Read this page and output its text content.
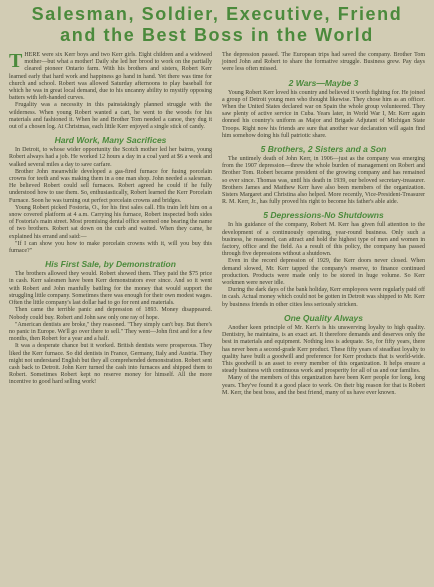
Salesman, Soldier, Executive, Friend
and the Best Boss in the World

THERE were six Kerr boys and two Kerr girls. Eight children and a widowed mother—but what a mother! Daily she led her brood to work on the partially cleared pioneer Ontario farm. With his brothers and sisters, Robert Kerr learned early that hard work and happiness go hand in hand. Yet there was time for church and school. Robert was allowed Saturday afternoons to play baseball for which he was in great local demand, due to his uncanny ability to mystify opposing batters with left-handed curves.

Frugality was a necessity in this painstakingly planned struggle with the wilderness. When young Robert wanted a cart, he went to the woods for his materials and fashioned it. When he and Brother Tom needed a canoe, they dug it out of a chosen log. At Christmas, each little Kerr enjoyed a single stick of candy.

Hard Work, Many Sacrifices

In Detroit, to whose wider opportunity the Scotch mother led her bairns, young Robert always had a job. He worked 12 hours a day in a coal yard at $6 a week and walked several miles a day to save carfare.

Brother John meanwhile developed a gas-fired furnace for fusing porcelain crowns for teeth and was making them in a one man shop. John needed a salesman. He believed Robert could sell furnaces. Robert agreed he could if he fully understood how to use them. So, enthusiastically, Robert learned the Kerr Porcelain Furnace. Soon he was turning out perfect porcelain crowns and bridges.

Young Robert picked Fostoria, O., for his first sales call. His train left him on a snow covered platform at 4 a.m. Carrying his furnace, Robert inspected both sides of Fostoria's main street. Most promising dental office seemed one bearing the name of two brothers. Robert sat down on the curb and waited. When they came, he explained his errand and said:—

"If I can show you how to make porcelain crowns with it, will you buy this furnace?"

His First Sale, by Demonstration

The brothers allowed they would. Robert showed them. They paid the $75 price in cash. Kerr salesmen have been Kerr demonstrators ever since. And so it went with Robert and John manfully battling for the money that would support the struggling little company. Sometimes there was enough for their own modest wages. Often the little company's last dollar had to go for rent and materials.

Then came the terrible panic and depression of 1893. Money disappeared. Nobody could buy. Robert and John saw only one ray of hope.

"American dentists are broke," they reasoned. "They simply can't buy. But there's no panic in Europe. We'll go over there to sell." They went—John first and for a few months, then Robert for a year and a half.

It was a desperate chance but it worked. British dentists were prosperous. They liked the Kerr furnace. So did dentists in France, Germany, Italy and Austria. They might not understand English but they all comprehended demonstration. Robert sent cash back to Detroit. John Kerr turned the cash into furnaces and shipped them to Robert. Sometimes Robert kept no reserve money for himself. All the more incentive to good hard selling work!

The depression passed. The European trips had saved the company. Brother Tom joined John and Robert to share the formative struggle. Business grew. Pay days were less often missed.

2 Wars—Maybe 3

Young Robert Kerr loved his country and believed it worth fighting for. He joined a group of Detroit young men who thought likewise. They chose him as an officer. When the United States declared war on Spain the whole group volunteered. They saw plenty of active service in Cuba. Years later, in World War I, Mr. Kerr again donned his country's uniform as Major and Brigade Adjutant of Michigan State Troops. Right now his friends are sure that another war declaration will again find him somehow doing his full patriotic share.

5 Brothers, 2 Sisters and a Son

The untimely death of John Kerr, in 1906—just as the company was emerging from the 1907 depression—threw the whole burden of management on Robert and Brother Tom. Robert became president of the growing company and has remained so ever since. Thomas was, until his death in 1939, our beloved secretary-treasurer. Brothers James and Matthew Kerr have also been members of the organization. Sisters Margaret and Christina also helped. More recently, Vice-President-Treasurer R. M. Kerr, Jr., has fully proved his right to become his father's able aide.

5 Depressions-No Shutdowns

In his guidance of the company, Robert M. Kerr has given full attention to the development of a continuously operating, year-round business. Only such a business, he reasoned, can attract and hold the highest type of men and women in factory, office and the field. As a result of this policy, the company has passed through five depressions without a shutdown.

Even in the record depression of 1929, the Kerr doors never closed. When demand slowed, Mr. Kerr tapped the company's reserve, to finance continued production. Products were made only to be stored in huge volume. So Kerr workmen were never idle.

During the dark days of the bank holiday, Kerr employees were regularly paid off in cash. Actual money which could not be gotten in Detroit was shipped to Mr. Kerr by business friends in other cities less seriously stricken.

One Quality Always

Another keen principle of Mr. Kerr's is his unswerving loyalty to high quality. Dentistry, he maintains, is an exact art. It therefore demands and deserves only the best in materials and equipment. Nothing less is adequate. So, for fifty years, there has never been a second-grade Kerr product. These fifty years of steadfast loyalty to quality have built a goodwill and preference for Kerr products that is world-wide. This goodwill is an asset to every member of this organization. It helps ensure a steady business with continuous work and prosperity for all of us and our families.

Many of the members of this organization have been Kerr people for long, long years. They've found it a good place to work. On their big reason for that is Robert M. Kerr, the best boss, and the best friend, many of us have ever known.
